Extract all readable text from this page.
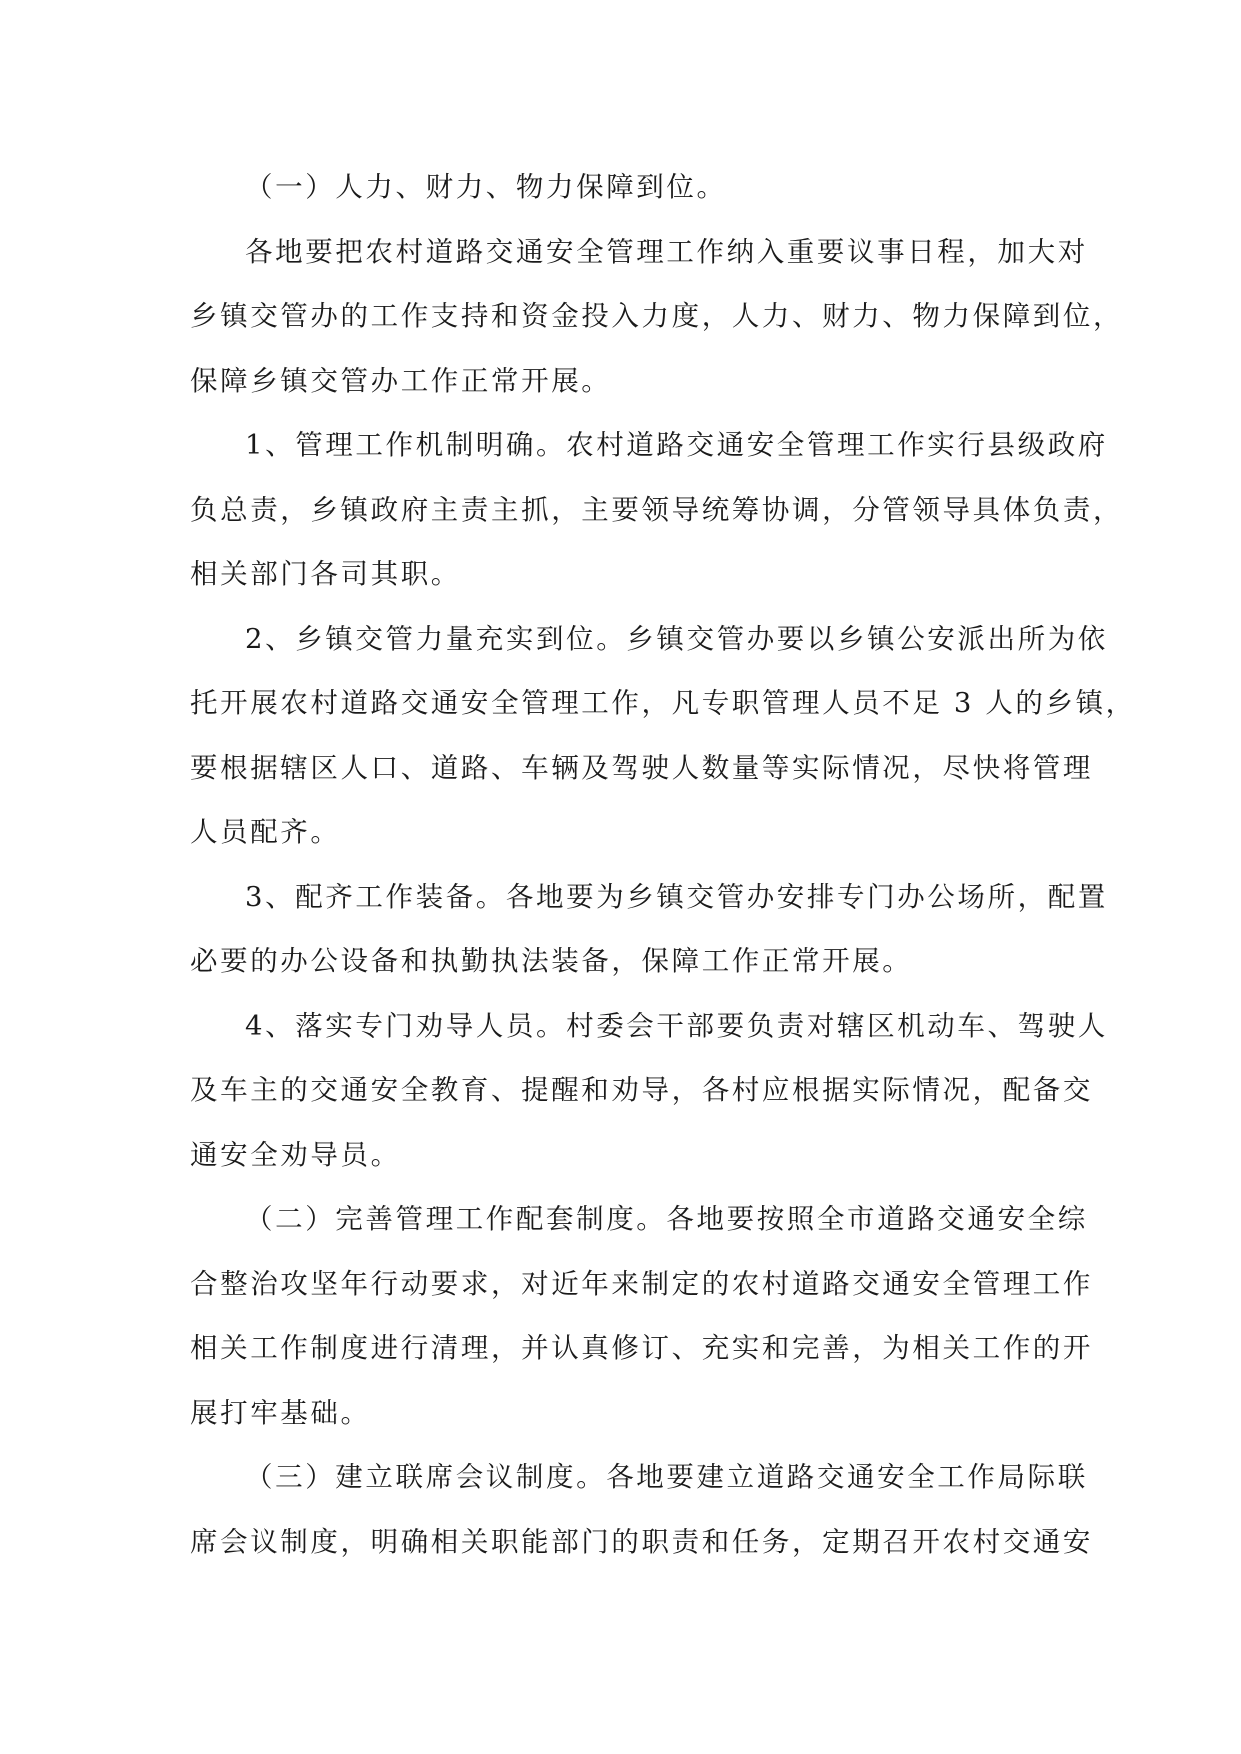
（一）人力、财力、物力保障到位。

各地要把农村道路交通安全管理工作纳入重要议事日程，加大对
乡镇交管办的工作支持和资金投入力度，人力、财力、物力保障到位，
保障乡镇交管办工作正常开展。

1、管理工作机制明确。农村道路交通安全管理工作实行县级政府
负总责，乡镇政府主责主抓，主要领导统筹协调，分管领导具体负责，
相关部门各司其职。

2、乡镇交管力量充实到位。乡镇交管办要以乡镇公安派出所为依
托开展农村道路交通安全管理工作，凡专职管理人员不足 3 人的乡镇，
要根据辖区人口、道路、车辆及驾驶人数量等实际情况，尽快将管理
人员配齐。

3、配齐工作装备。各地要为乡镇交管办安排专门办公场所，配置
必要的办公设备和执勤执法装备，保障工作正常开展。

4、落实专门劝导人员。村委会干部要负责对辖区机动车、驾驶人
及车主的交通安全教育、提醒和劝导，各村应根据实际情况，配备交
通安全劝导员。

（二）完善管理工作配套制度。各地要按照全市道路交通安全综
合整治攻坚年行动要求，对近年来制定的农村道路交通安全管理工作
相关工作制度进行清理，并认真修订、充实和完善，为相关工作的开
展打牢基础。

（三）建立联席会议制度。各地要建立道路交通安全工作局际联
席会议制度，明确相关职能部门的职责和任务，定期召开农村交通安
